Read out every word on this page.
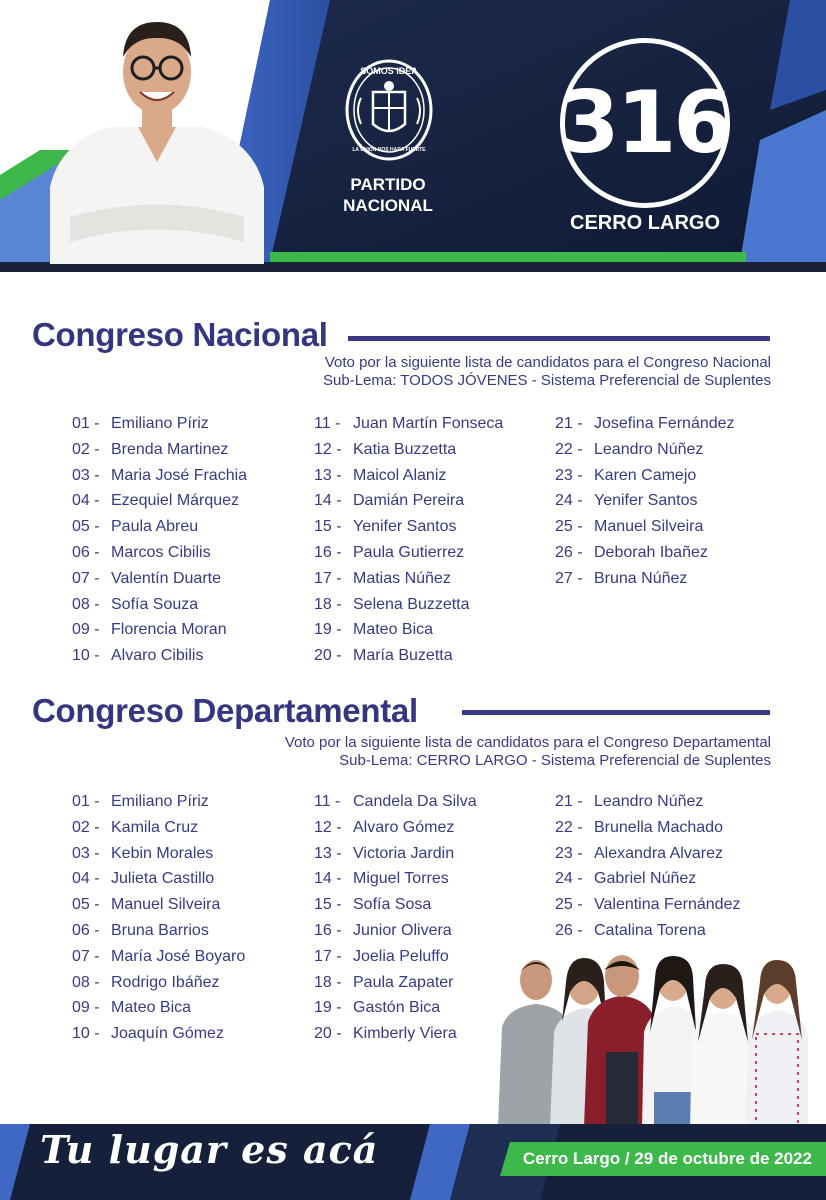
SOMOS IDEA
LA UNION NOS HARA FUERTE
PARTIDO
NACIONAL
316
CERRO LARGO
Congreso Nacional
Voto por la siguiente lista de candidatos para el Congreso Nacional
Sub-Lema: TODOS JÓVENES - Sistema Preferencial de Suplentes
01 - Emiliano Píriz
02 - Brenda Martinez
03 - Maria José Frachia
04 - Ezequiel Márquez
05 - Paula Abreu
06 - Marcos Cibilis
07 - Valentín Duarte
08 - Sofía Souza
09 - Florencia Moran
10 - Alvaro Cibilis
11 - Juan Martín Fonseca
12 - Katia Buzzetta
13 - Maicol Alaniz
14 - Damián Pereira
15 - Yenifer Santos
16 - Paula Gutierrez
17 - Matias Núñez
18 - Selena Buzzetta
19 - Mateo Bica
20 - María Buzetta
21 - Josefina Fernández
22 - Leandro Núñez
23 - Karen Camejo
24 - Yenifer Santos
25 - Manuel Silveira
26 - Deborah Ibañez
27 - Bruna Núñez
Congreso Departamental
Voto por la siguiente lista de candidatos para el Congreso Departamental
Sub-Lema: CERRO LARGO - Sistema Preferencial de Suplentes
01 - Emiliano Píriz
02 - Kamila Cruz
03 - Kebin Morales
04 - Julieta Castillo
05 - Manuel Silveira
06 - Bruna Barrios
07 - María José Boyaro
08 - Rodrigo Ibáñez
09 - Mateo Bica
10 - Joaquín Gómez
11 - Candela Da Silva
12 - Alvaro Gómez
13 - Victoria Jardin
14 - Miguel Torres
15 - Sofía Sosa
16 - Junior Olivera
17 - Joelia Peluffo
18 - Paula Zapater
19 - Gastón Bica
20 - Kimberly Viera
21 - Leandro Núñez
22 - Brunella Machado
23 - Alexandra Alvarez
24 - Gabriel Núñez
25 - Valentina Fernández
26 - Catalina Torena
Tu lugar es acá	Cerro Largo / 29 de octubre de 2022
